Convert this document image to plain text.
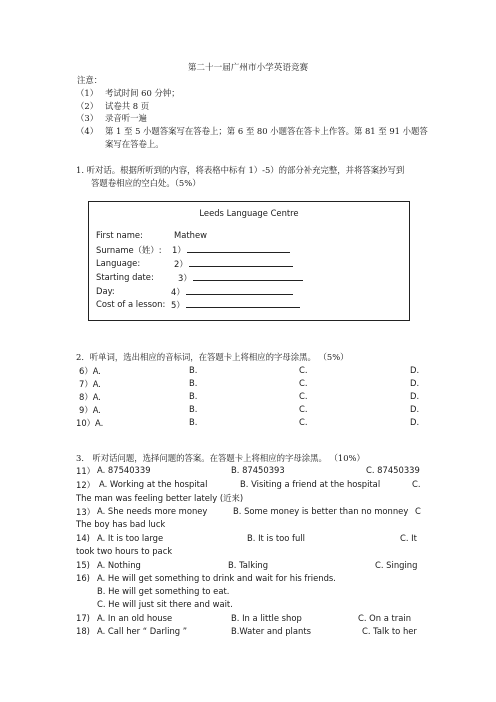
第二十一届广州市小学英语竞赛
注意：
（1） 考试时间 60 分钟；
（2） 试卷共 8 页
（3） 录音听一遍
（4） 第 1 至 5 小题答案写在答卷上；第 6 至 80 小题答在答卡上作答。第 81 至 91 小题答
案写在答卷上。
1. 听对话。根据所听到的内容，将表格中标有 1）-5）的部分补充完整，并将答案抄写到
答题卷相应的空白处。（5%）
Leeds Language Centre
First name:	Mathew
Surname（姓）: 1）
Language:	2）
Starting date:	3）
Day:	4）
Cost of a lesson: 5）
2．听单词，选出相应的音标词，在答题卡上将相应的字母涂黑。 （5%）
6）A.	B.	C.	D.
7）A.	B.	C.	D.
8）A.	B.	C.	D.
9）A.	B.	C.	D.
10）A.	B.	C.	D.
3． 听对话问题，选择问题的答案。在答题卡上将相应的字母涂黑。 （10%）
11） A. 87540339	B. 87450393	C. 87450339
12） A. Working at the hospital	B. Visiting a friend at the hospital	C.
The man was feeling better lately (近来)
13） A. She needs more money	B. Some money is better than no monney C
The boy has bad luck
14) A. It is too large	B. It is too full	C. It
took two hours to pack
15) A. Nothing	B. Talking	C. Singing
16) A. He will get something to drink and wait for his friends.
B. He will get something to eat.
C. He will just sit there and wait.
17) A. In an old house	B. In a little shop	C. On a train
18) A. Call her “ Darling ”	B.Water and plants	C. Talk to her
